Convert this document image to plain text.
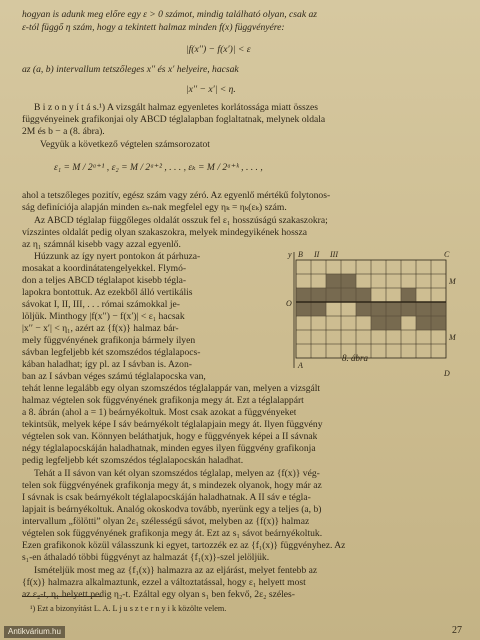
hogyan is adunk meg előre egy ε > 0 számot, mindig található olyan, csak az
ε-tól függő η szám, hogy a tekintett halmaz minden f(x) függvényére:
|f(x′′) − f(x′)| < ε
az (a, b) intervallum tetszőleges x′′ és x′ helyeire, hacsak
|x′′ − x′| < η.
B i z o n y í t á s.¹) A vizsgált halmaz egyenletes korlátossága miatt összes
függvényeinek grafikonjai oly ABCD téglalapban foglaltatnak, melynek oldala
2M és b − a (8. ábra).
Vegyük a következő végtelen számsorozatot
ε₁ = M / 2ᵃ⁺¹ , ε₂ = M / 2ᵃ⁺² , . . . , εₖ = M / 2ᵃ⁺ᵏ , . . . ,
ahol a tetszőleges pozitív, egész szám vagy zéró. Az egyenlő mértékű folytonos-
ság definíciója alapján minden εₖ-nak megfelel egy ηₖ = ηₖ(εₖ) szám.
Az ABCD téglalap függőleges oldalát osszuk fel ε₁ hosszúságú szakaszokra;
vízszintes oldalát pedig olyan szakaszokra, melyek mindegyikének hossza
az η₁ számnál kisebb vagy azzal egyenlő.
Húzzunk az így nyert pontokon át párhuza-
mosakat a koordinátatengelyekkel. Flymó-
don a teljes ABCD téglalapot kisebb tégla-
lapokra bontottuk. Az ezekből álló vertikális
sávokat I, II, III, . . . római számokkal je-
löljük. Minthogy |f(x′′) − f(x′)| < ε₁ hacsak
|x′′ − x′| < η₁, azért az {f(x)} halmaz bár-
mely függvényének grafikonja bármely ilyen
sávban legfeljebb két szomszédos téglalapocs-
kában haladhat; így pl. az I sávban is. Azon-
ban az I sávban véges számú téglalapocska van,
tehát lenne legalább egy olyan szomszédos téglalappár van, melyen a vizsgált
halmaz végtelen sok függvényének grafikonja megy át. Ezt a téglalappárt
a 8. ábrán (ahol a = 1) beárnyékoltuk. Most csak azokat a függvényeket
tekintsük, melyek képe I sáv beárnyékolt téglalapjain megy át. Ilyen függvény
végtelen sok van. Könnyen beláthatjuk, hogy e függvények képei a II sávnak
négy téglalapocskáján haladhatnak, minden egyes ilyen függvény grafikonja
pedig legfeljebb két szomszédos téglalapocskán haladhat.
Tehát a II sávon van két olyan szomszédos téglalap, melyen az {f(x)} vég-
telen sok függvényének grafikonja megy át, s mindezek olyanok, hogy már az
I sávnak is csak beárnyékolt téglalapocskáján haladhatnak. A II sáv e tégla-
lapjait is beárnyékoltuk. Analóg okoskodva tovább, nyerünk egy a teljes (a, b)
intervallum „fölötti” olyan 2ε₁ szélességű sávot, melyben az {f(x)} halmaz
végtelen sok függvényének grafikonja megy át. Ezt az s₁ sávot beárnyékoltuk.
Ezen grafikonok közül válasszunk ki egyet, tartozzék ez az {f₁(x)} függvényhez. Az
s₁-en áthaladó többi függvényt az halmazát {f₁(x)}-szel jelöljük.
Ismételjük most meg az {f₁(x)} halmazra az az eljárást, melyet fentebb az
{f(x)} halmazra alkalmaztunk, ezzel a változtatással, hogy ε₁ helyett most
az ε₂-t, η₁ helyett pedig η₂-t. Ezáltal egy olyan s₁ ben fekvő, 2ε₂ széles-
y B II III	C
M
O
A
M
D
8. ábra
¹) Ezt a bizonyítást L. A. L j u s z t e r n y i k közölte velem.
27
Antikvárium.hu
